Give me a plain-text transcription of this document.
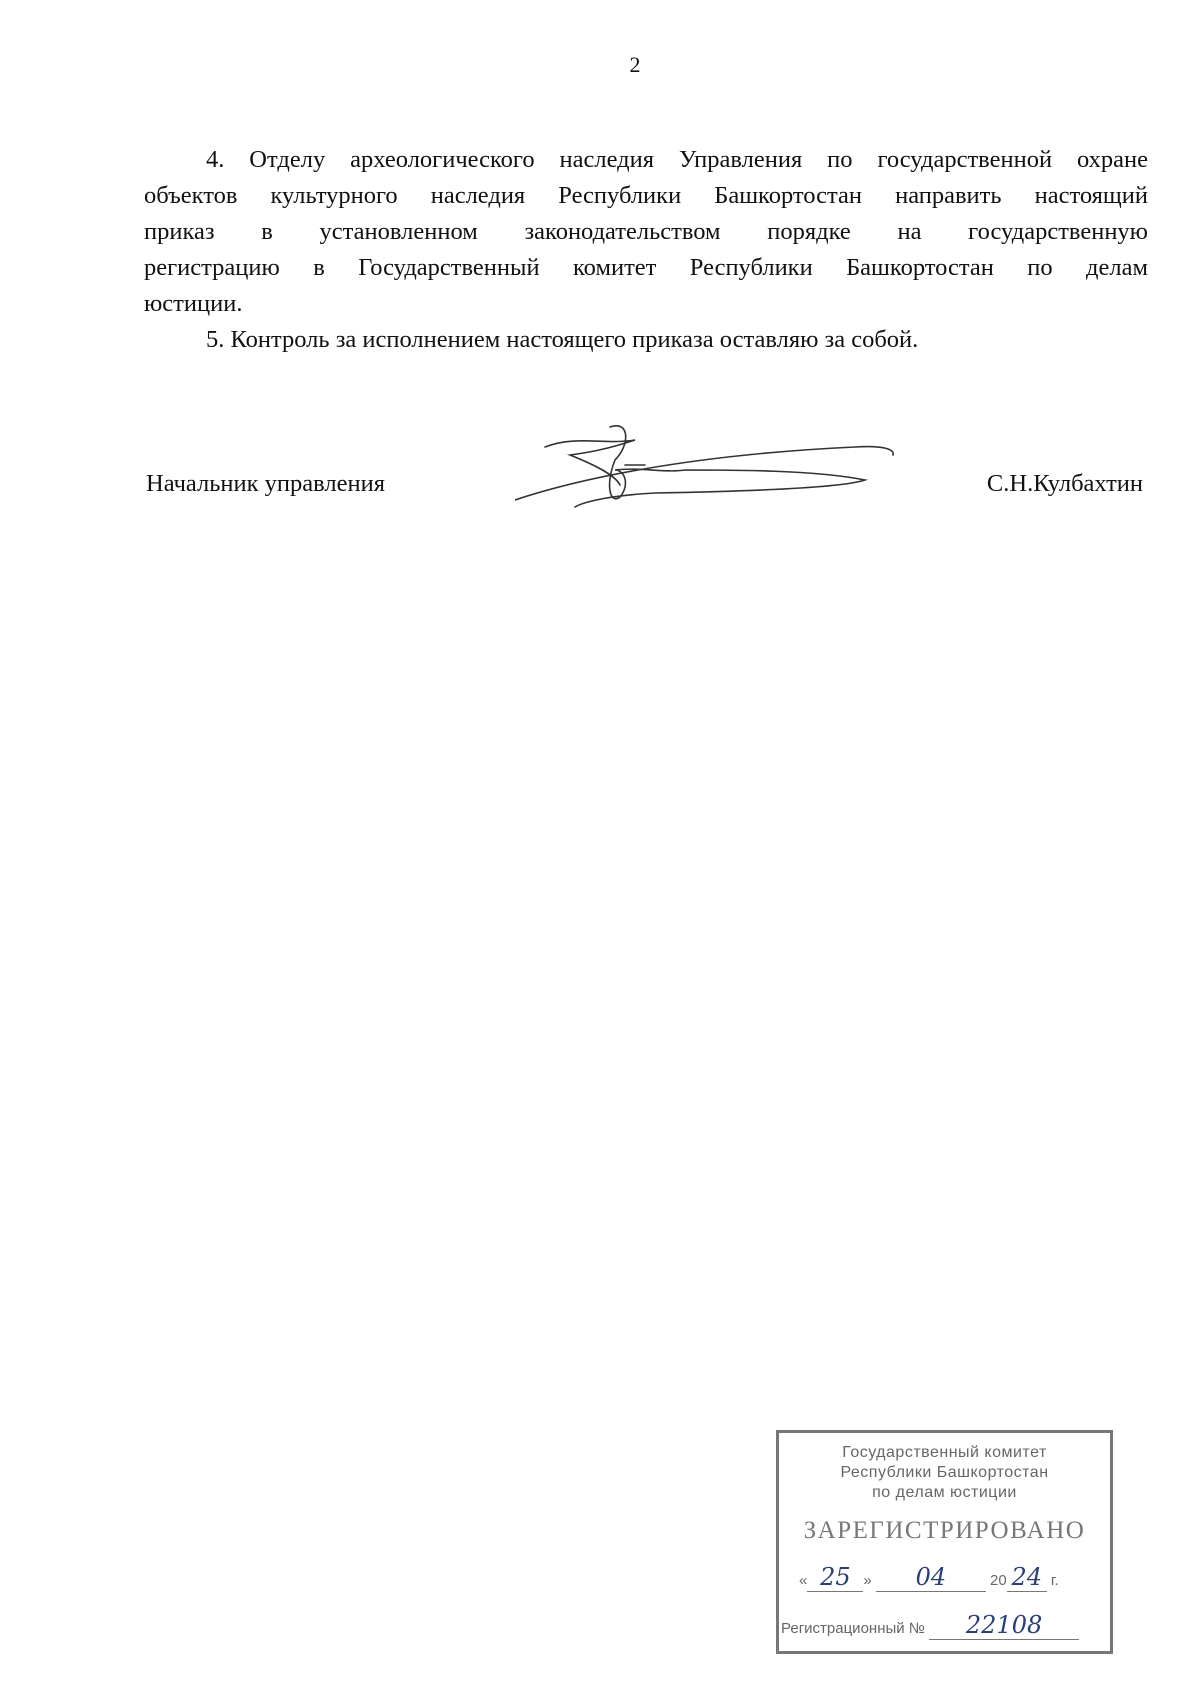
2
4. Отделу археологического наследия Управления по государственной охране
объектов культурного наследия Республики Башкортостан направить настоящий
приказ в установленном законодательством порядке на государственную
регистрацию в Государственный комитет Республики Башкортостан по делам
юстиции.
5. Контроль за исполнением настоящего приказа оставляю за собой.
Начальник управления	С.Н.Кулбахтин
Государственный комитет
Республики Башкортостан
по делам юстиции
ЗАРЕГИСТРИРОВАНО
« 25 » 04	20 24 г.
Регистрационный № 22108
